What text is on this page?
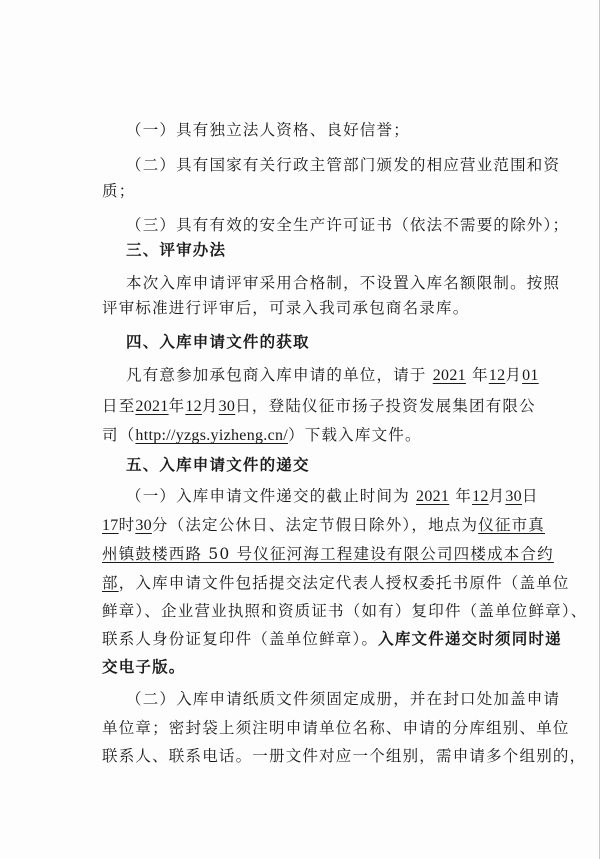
（一）具有独立法人资格、良好信誉；
（二）具有国家有关行政主管部门颁发的相应营业范围和资
质；
（三）具有有效的安全生产许可证书（依法不需要的除外）；
三、评审办法
本次入库申请评审采用合格制，不设置入库名额限制。按照
评审标准进行评审后，可录入我司承包商名录库。
四、入库申请文件的获取
凡有意参加承包商入库申请的单位，请于 2021 年12月01
日至2021年12月30日，登陆仪征市扬子投资发展集团有限公
司（http://yzgs.yizheng.cn/）下载入库文件。
五、入库申请文件的递交
（一）入库申请文件递交的截止时间为 2021 年12月30日
17时30分（法定公休日、法定节假日除外），地点为仪征市真
州镇鼓楼西路 50 号仪征河海工程建设有限公司四楼成本合约
部，入库申请文件包括提交法定代表人授权委托书原件（盖单位
鲜章）、企业营业执照和资质证书（如有）复印件（盖单位鲜章）、
联系人身份证复印件（盖单位鲜章）。入库文件递交时须同时递
交电子版。
（二）入库申请纸质文件须固定成册，并在封口处加盖申请
单位章；密封袋上须注明申请单位名称、申请的分库组别、单位
联系人、联系电话。一册文件对应一个组别，需申请多个组别的，
